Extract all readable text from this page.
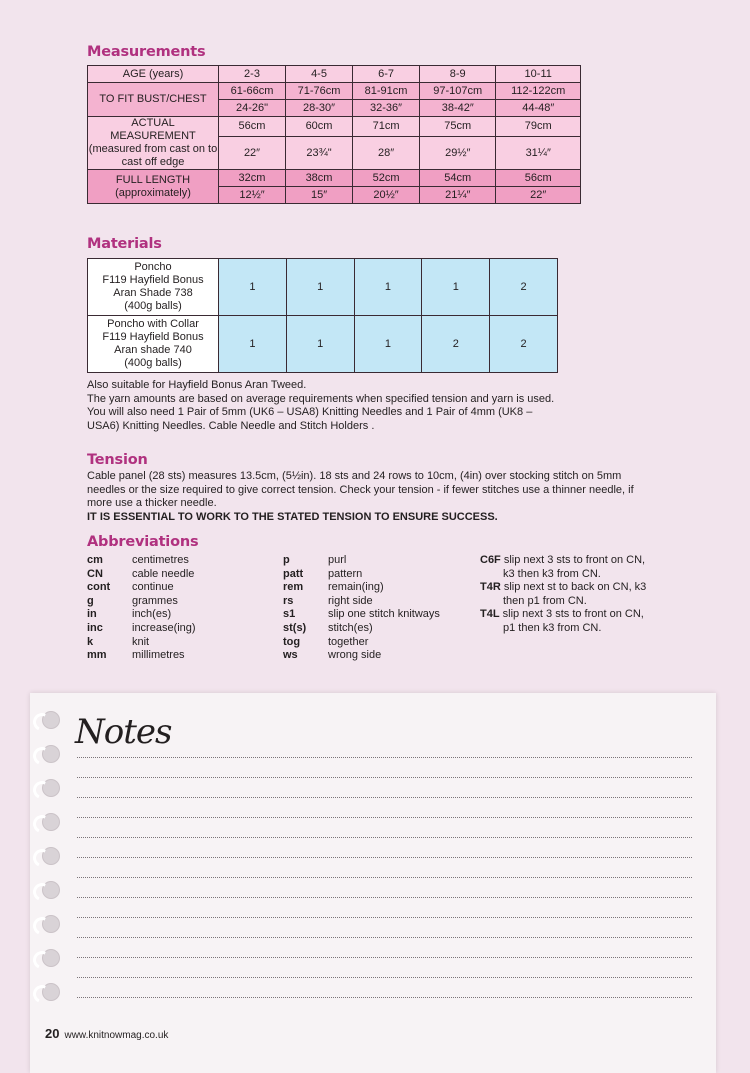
Measurements
AGE (years)	2-3	4-5	6-7	8-9	10-11
TO FIT BUST/CHEST	61-66cm	71-76cm	81-91cm	97-107cm	112-122cm
	24-26"	28-30″	32-36″	38-42″	44-48″

ACTUAL MEASUREMENT
(measured from cast on to cast off edge	56cm	60cm	71cm	75cm	79cm
	22″	23¾"	28″	29½″	31¼″

FULL LENGTH
(approximately)	32cm	38cm	52cm	54cm	56cm
	12½″	15″	20½″	21¼″	22″
Materials
Poncho
F119 Hayfield Bonus
Aran Shade 738
(400g balls)	1	1	1	1	2

Poncho with Collar
F119 Hayfield Bonus
Aran shade 740
(400g balls)	1	1	1	2	2

Also suitable for Hayfield Bonus Aran Tweed.

The yarn amounts are based on average requirements when specified tension and yarn is used.

You will also need 1 Pair of 5mm (UK6 – USA8) Knitting Needles and 1 Pair of 4mm (UK8 – USA6) Knitting Needles. Cable Needle and Stitch Holders .

Tension

Cable panel (28 sts) measures 13.5cm, (5½in). 18 sts and 24 rows to 10cm, (4in) over stocking stitch on 5mm needles or the size required to give correct tension. Check your tension - if fewer stitches use a thinner needle, if more use a thicker needle.

IT IS ESSENTIAL TO WORK TO THE STATED TENSION TO ENSURE SUCCESS.

Abbreviations
cm	centimetres
CN	cable needle
cont	continue
g	grammes
in	inch(es)
inc	increase(ing)
k	knit
mm	millimetres
p	purl
patt	pattern
rem	remain(ing)
rs	right side
s1	slip one stitch knitways
st(s)	stitch(es)
tog	together
ws	wrong side
C6F slip next 3 sts to front on CN,
k3 then k3 from CN.
T4R slip next st to back on CN, k3
then p1 from CN.
T4L slip next 3 sts to front on CN,
p1 then k3 from CN.
Notes
20 www.knitnowmag.co.uk
